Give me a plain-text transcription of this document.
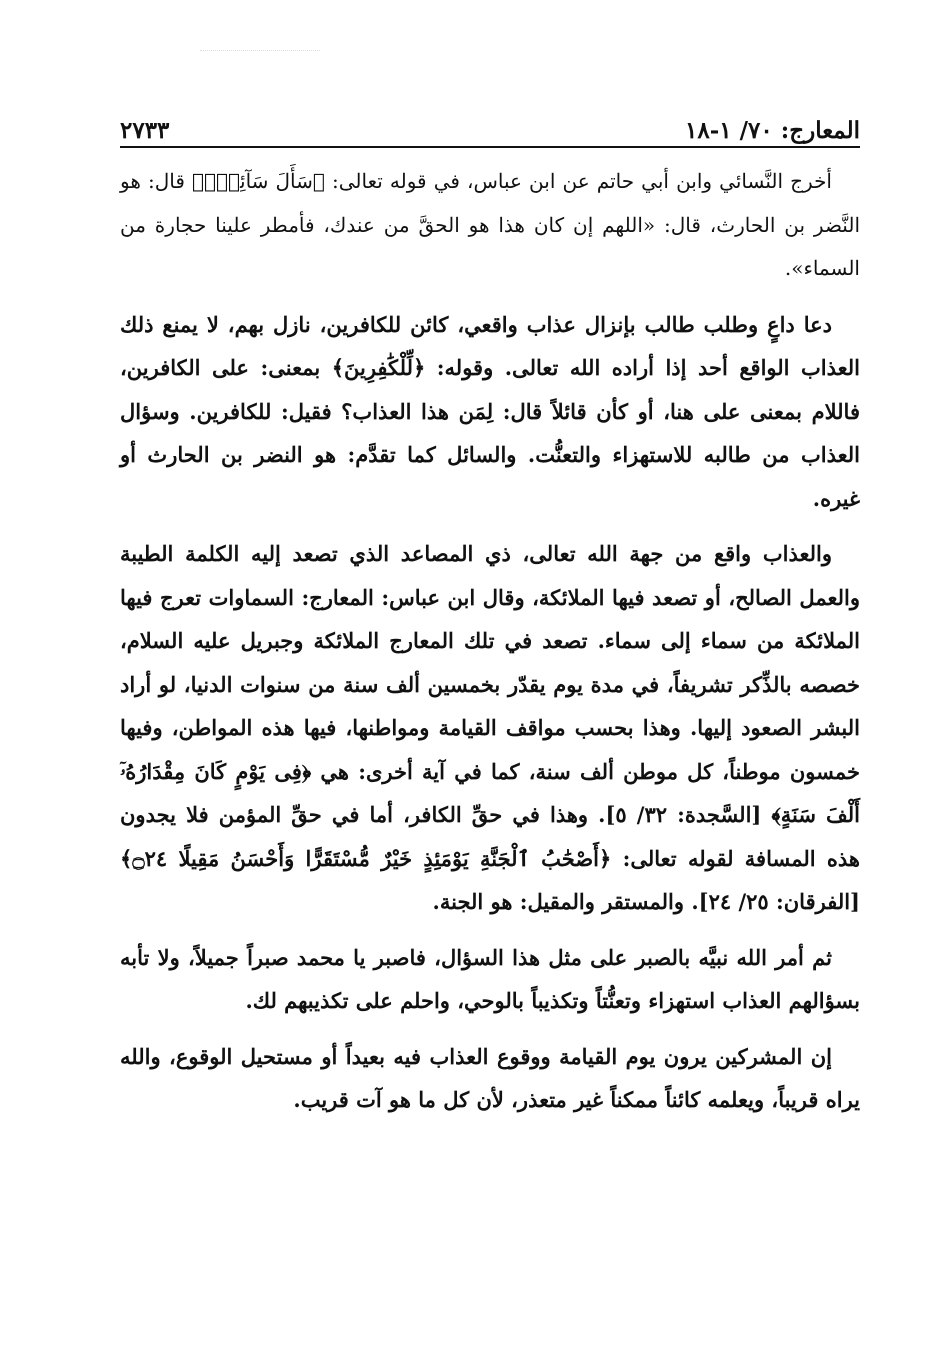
المعارج: ٧٠/ ١-١٨
٢٧٣٣

أخرج النَّسائي وابن أبي حاتم عن ابن عباس، في قوله تعالى: ﴿سَأَلَ سَآئِلُۢ﴾ قال: هو النَّضر بن الحارث، قال: «اللهم إن كان هذا هو الحقَّ من عندك، فأمطر علينا حجارة من السماء».

دعا داعٍ وطلب طالب بإنزال عذاب واقعي، كائن للكافرين، نازل بهم، لا يمنع ذلك العذاب الواقع أحد إذا أراده الله تعالى. وقوله: ﴿لِّلْكَٰفِرِينَ﴾ بمعنى: على الكافرين، فاللام بمعنى على هنا، أو كأن قائلاً قال: لِمَن هذا العذاب؟ فقيل: للكافرين. وسؤال العذاب من طالبه للاستهزاء والتعنُّت. والسائل كما تقدَّم: هو النضر بن الحارث أو غيره.

والعذاب واقع من جهة الله تعالى، ذي المصاعد الذي تصعد إليه الكلمة الطيبة والعمل الصالح، أو تصعد فيها الملائكة، وقال ابن عباس: المعارج: السماوات تعرج فيها الملائكة من سماء إلى سماء. تصعد في تلك المعارج الملائكة وجبريل عليه السلام، خصصه بالذِّكر تشريفاً، في مدة يوم يقدّر بخمسين ألف سنة من سنوات الدنيا، لو أراد البشر الصعود إليها. وهذا بحسب مواقف القيامة ومواطنها، فيها هذه المواطن، وفيها خمسون موطناً، كل موطن ألف سنة، كما في آية أخرى: هي ﴿فِى يَوْمٍ كَانَ مِقْدَارُهُۥٓ أَلْفَ سَنَةٍ﴾ [السَّجدة: ٣٢/ ٥]. وهذا في حقِّ الكافر، أما في حقِّ المؤمن فلا يجدون هذه المسافة لقوله تعالى: ﴿أَصْحَٰبُ ٱلْجَنَّةِ يَوْمَئِذٍ خَيْرٌ مُّسْتَقَرًّا وَأَحْسَنُ مَقِيلًا ۝٢٤﴾ [الفرقان: ٢٥/ ٢٤]. والمستقر والمقيل: هو الجنة.

ثم أمر الله نبيَّه بالصبر على مثل هذا السؤال، فاصبر يا محمد صبراً جميلاً، ولا تأبه بسؤالهم العذاب استهزاء وتعنُّتاً وتكذيباً بالوحي، واحلم على تكذيبهم لك.

إن المشركين يرون يوم القيامة ووقوع العذاب فيه بعيداً أو مستحيل الوقوع، والله يراه قريباً، ويعلمه كائناً ممكناً غير متعذر، لأن كل ما هو آت قريب.
